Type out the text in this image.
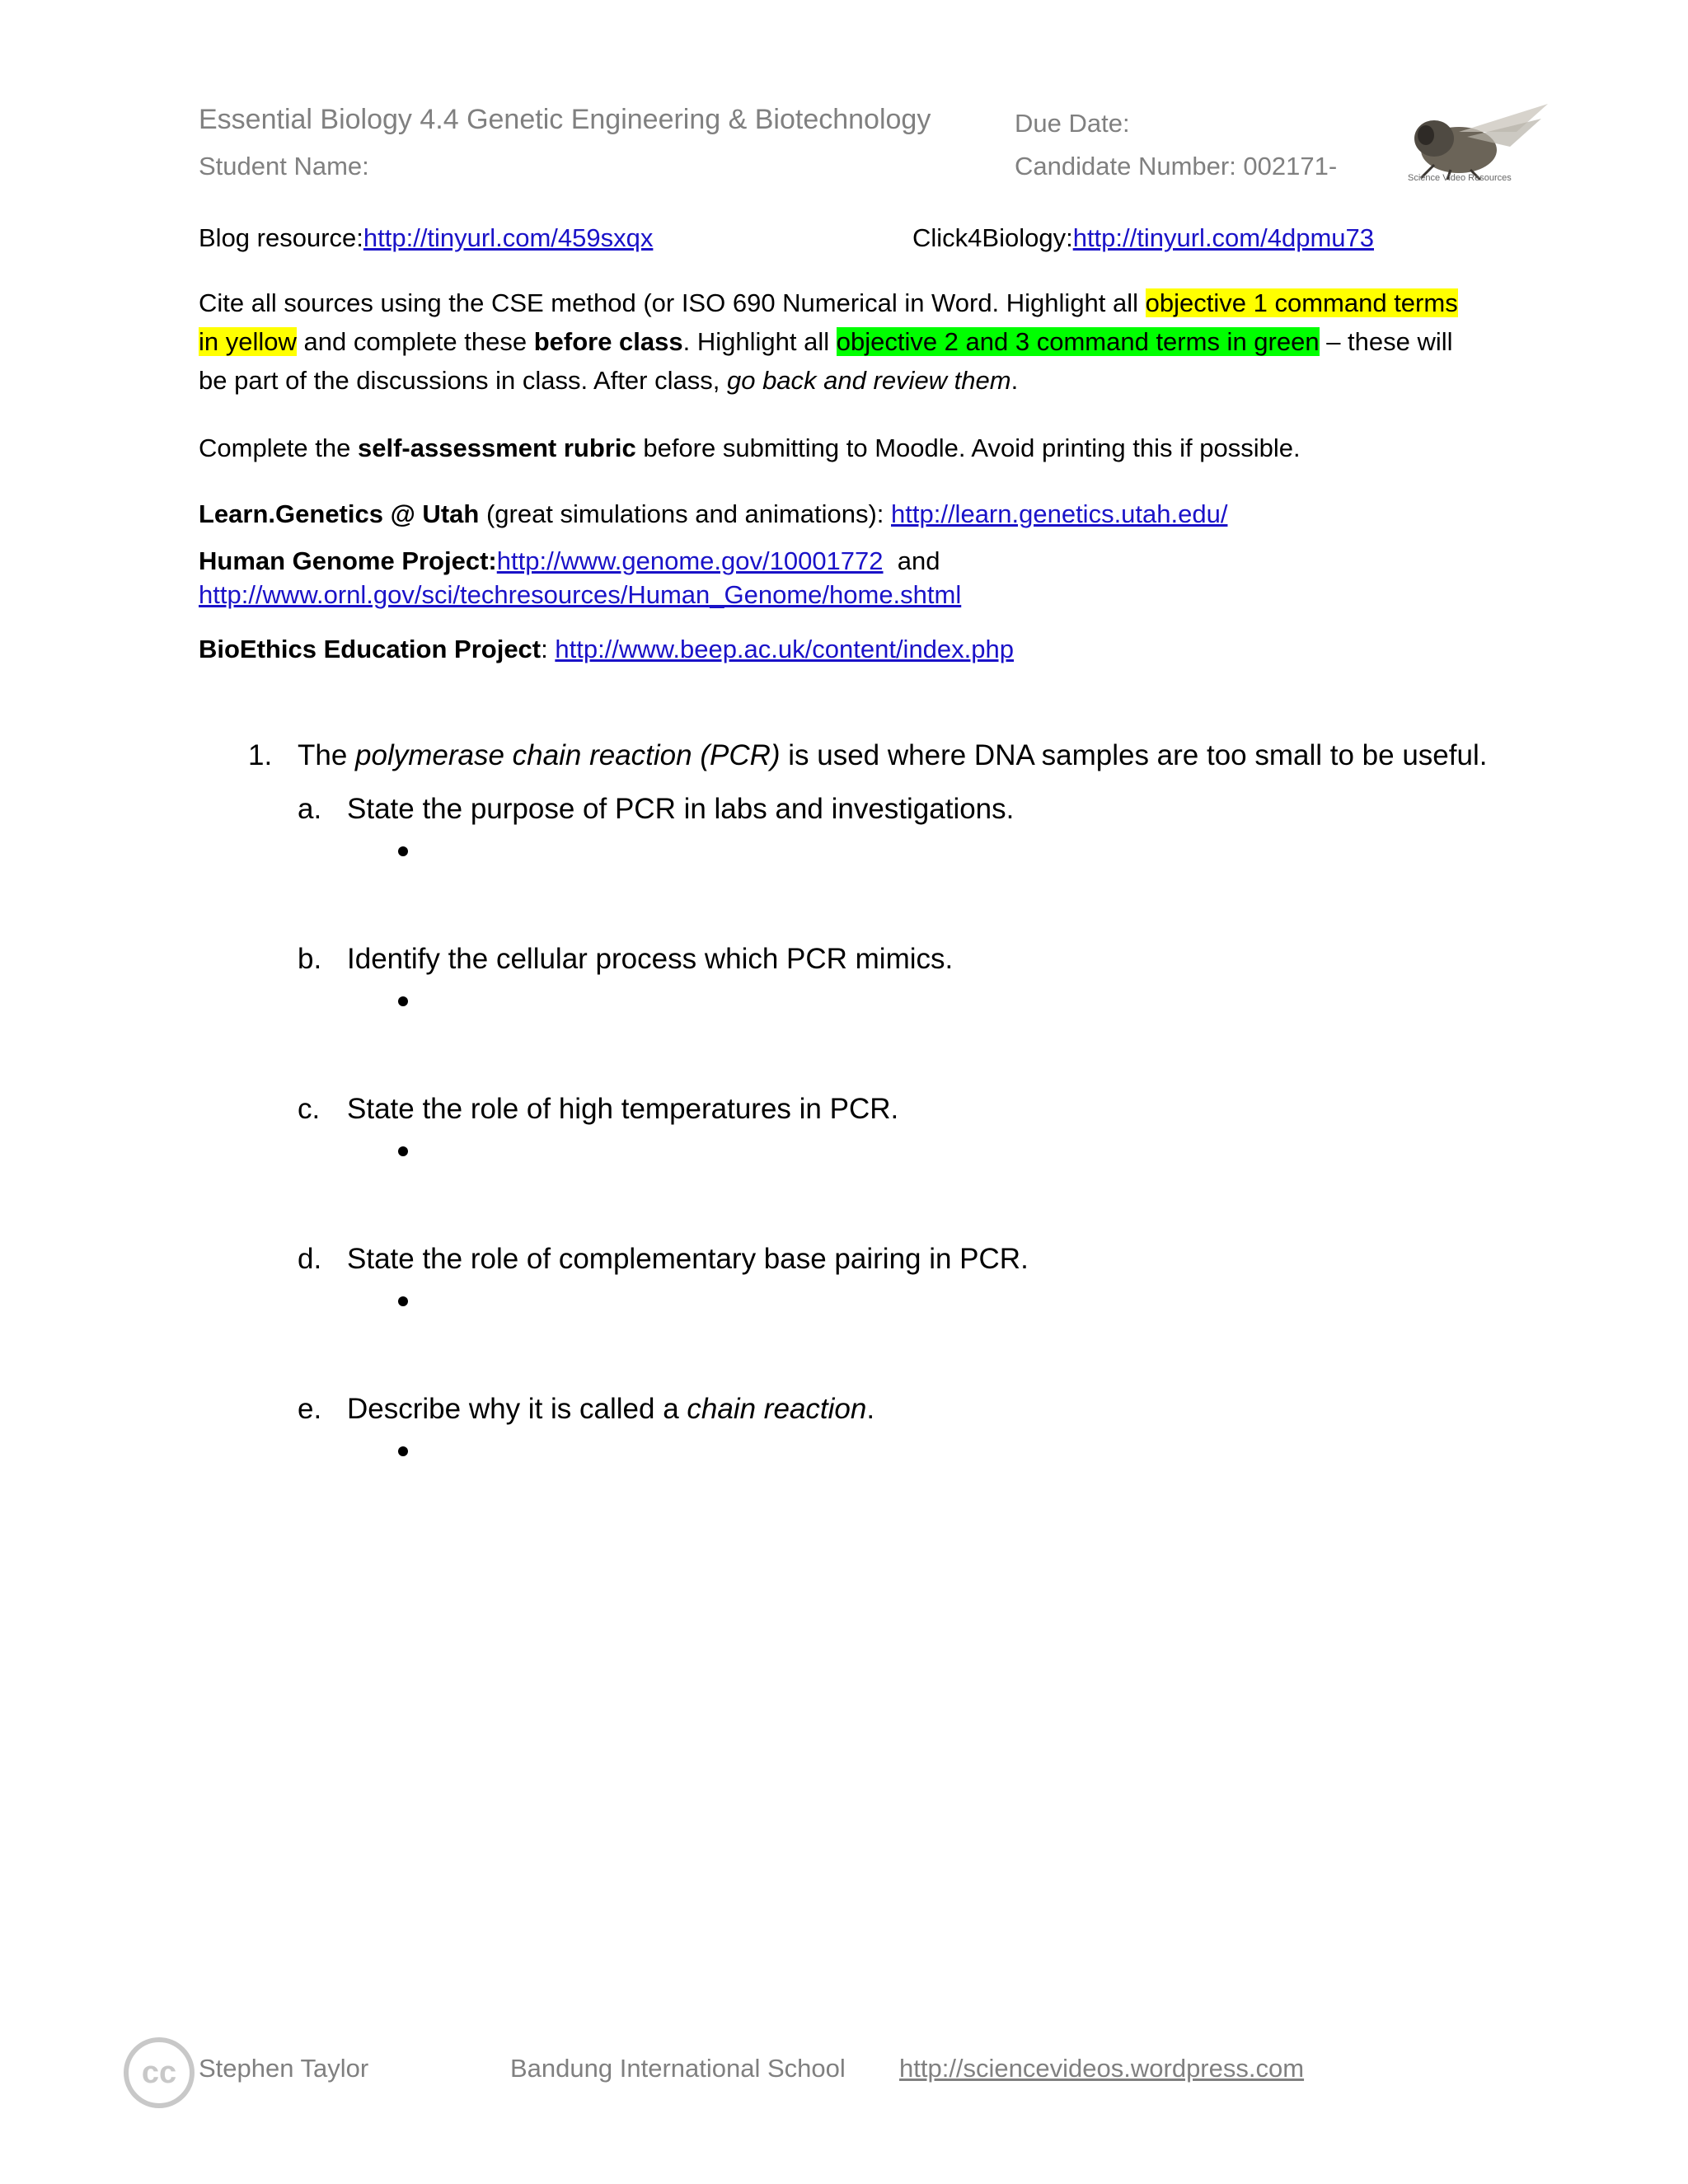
Essential Biology 4.4 Genetic Engineering & Biotechnology
Student Name:
Due Date:
Candidate Number: 002171-	Science Video Resources
Blog resource:http://tinyurl.com/459sxqx	Click4Biology:http://tinyurl.com/4dpmu73
Cite all sources using the CSE method (or ISO 690 Numerical in Word. Highlight all objective 1 command terms in yellow and complete these before class. Highlight all objective 2 and 3 command terms in green – these will be part of the discussions in class. After class, go back and review them.
Complete the self-assessment rubric before submitting to Moodle. Avoid printing this if possible.
Learn.Genetics @ Utah (great simulations and animations): http://learn.genetics.utah.edu/
Human Genome Project:http://www.genome.gov/10001772 and
http://www.ornl.gov/sci/techresources/Human_Genome/home.shtml
BioEthics Education Project: http://www.beep.ac.uk/content/index.php
1. The polymerase chain reaction (PCR) is used where DNA samples are too small to be useful.
a. State the purpose of PCR in labs and investigations.
b. Identify the cellular process which PCR mimics.
c. State the role of high temperatures in PCR.
d. State the role of complementary base pairing in PCR.
e. Describe why it is called a chain reaction.
cc Stephen Taylor	Bandung International School http://sciencevideos.wordpress.com
